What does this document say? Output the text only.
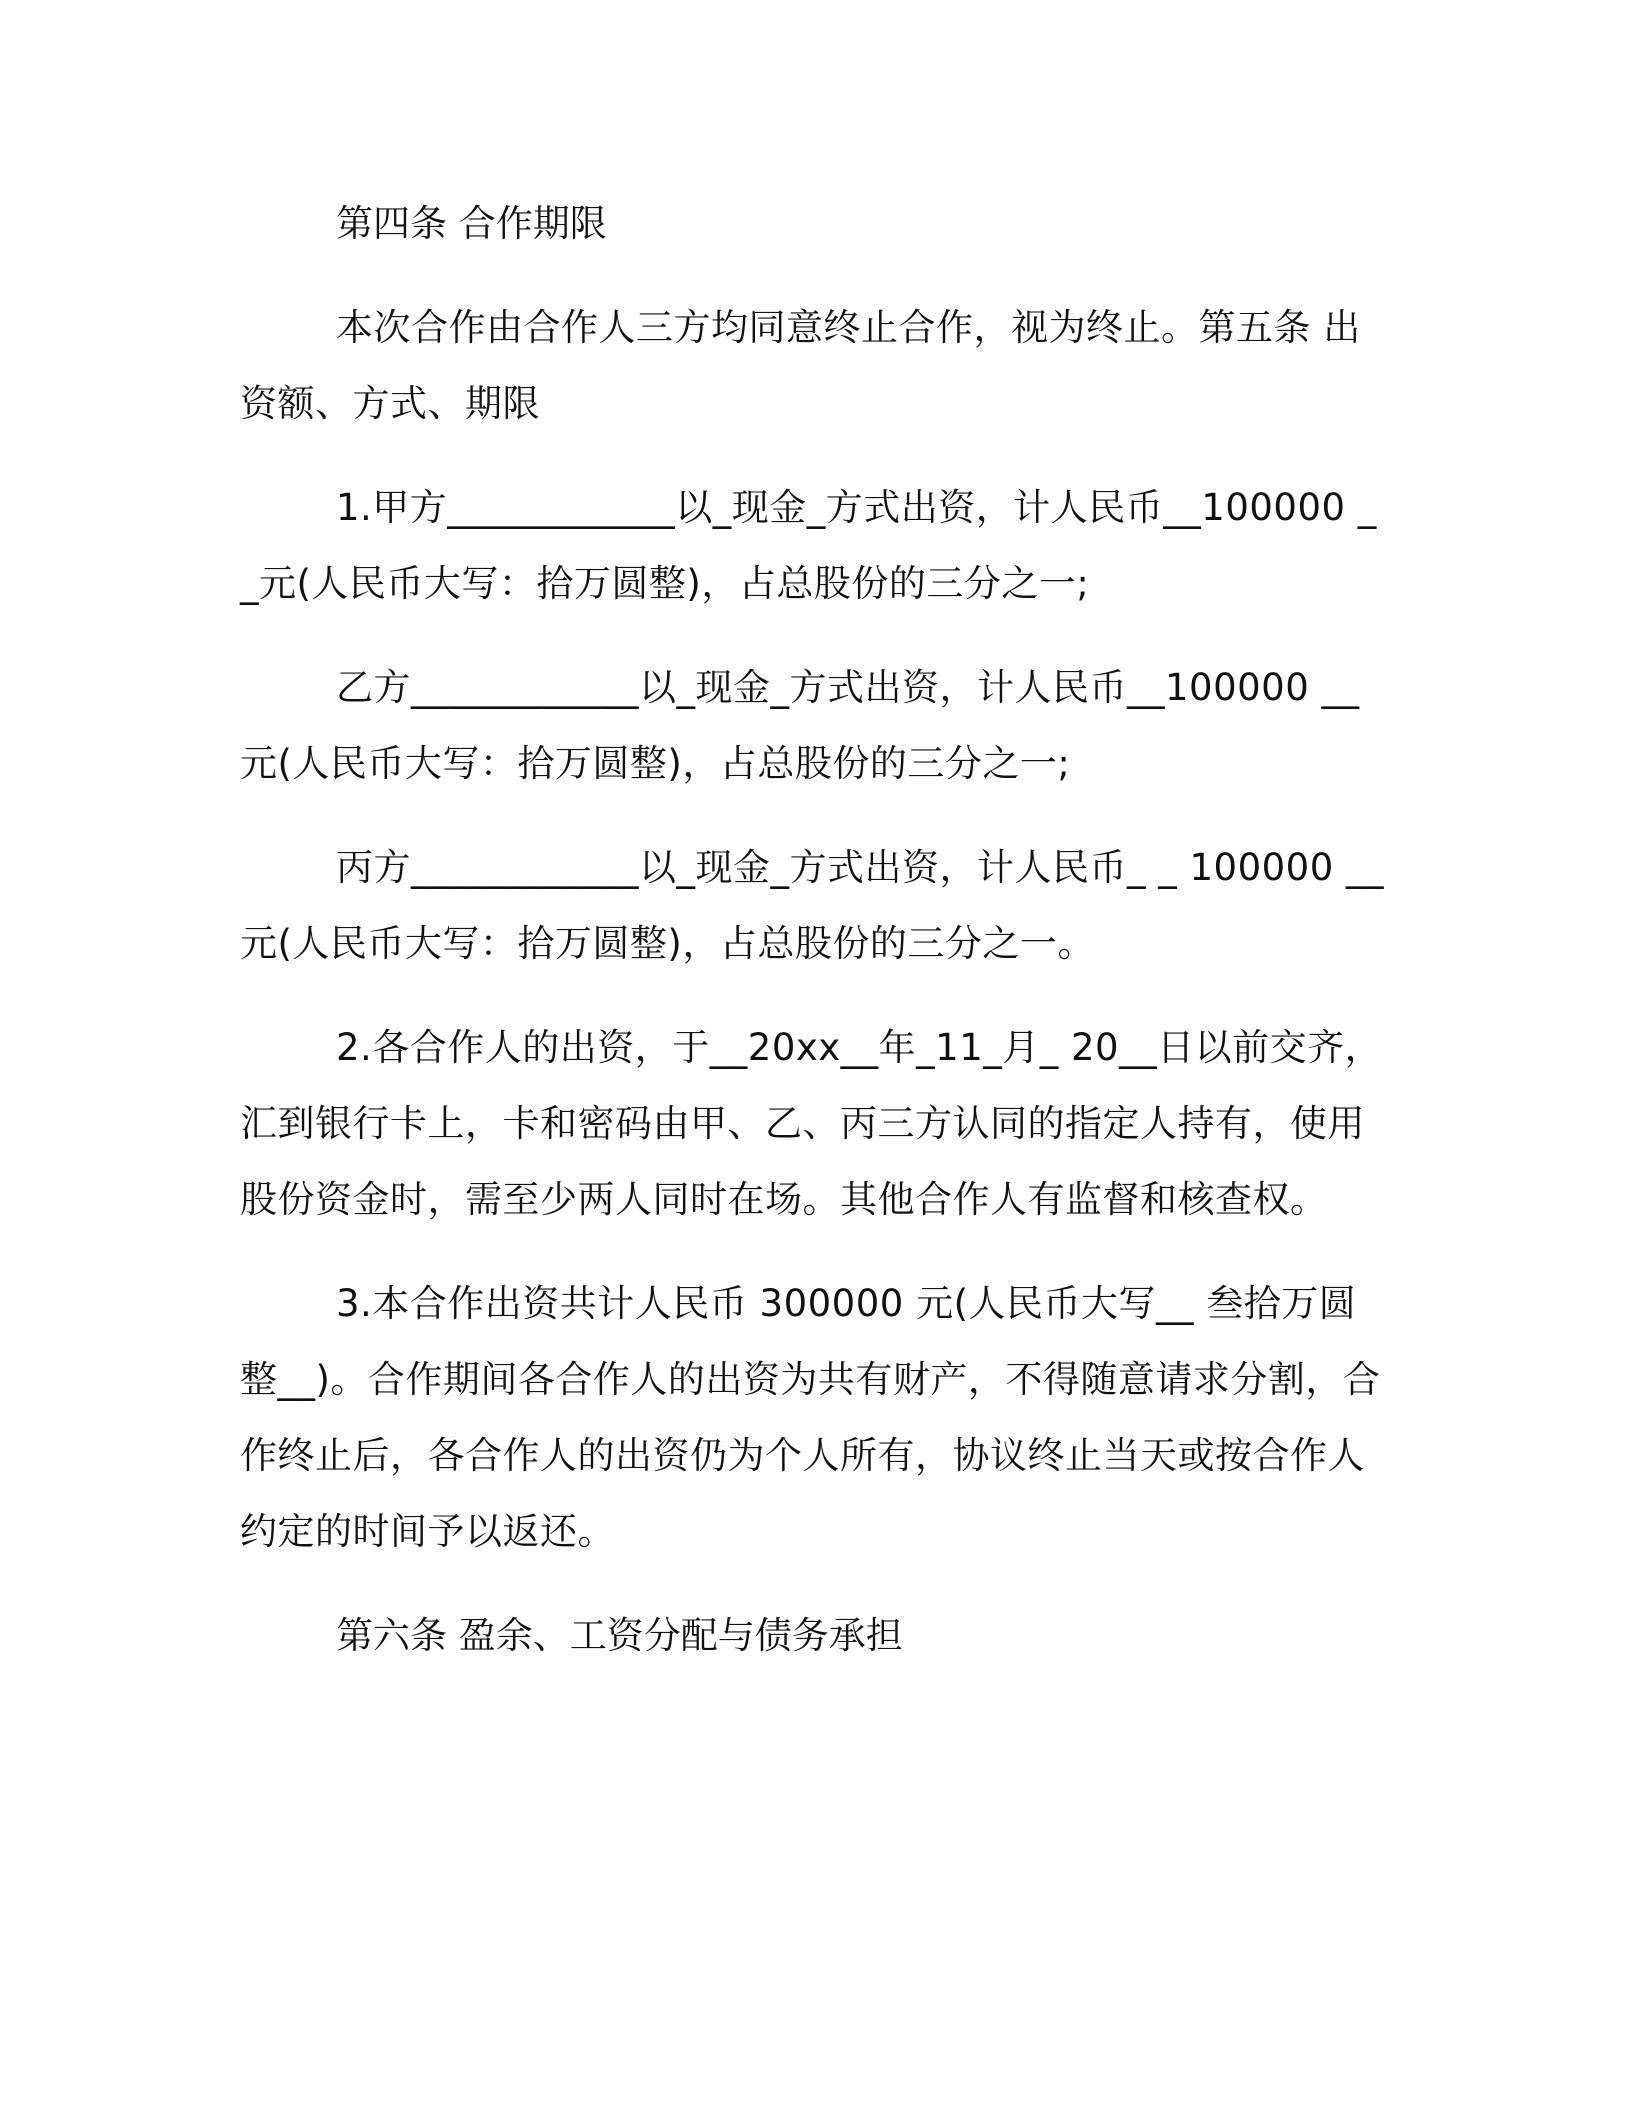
第四条 合作期限

本次合作由合作人三方均同意终止合作，视为终止。第五条 出资额、方式、期限

1.甲方____________以_现金_方式出资，计人民币__100000 __元(人民币大写：拾万圆整)，占总股份的三分之一;

乙方____________以_现金_方式出资，计人民币__100000 __元(人民币大写：拾万圆整)，占总股份的三分之一;

丙方____________以_现金_方式出资，计人民币_ _ 100000 __元(人民币大写：拾万圆整)，占总股份的三分之一。

2.各合作人的出资，于__20xx__年_11_月_ 20__日以前交齐，汇到银行卡上，卡和密码由甲、乙、丙三方认同的指定人持有，使用股份资金时，需至少两人同时在场。其他合作人有监督和核查权。

3.本合作出资共计人民币 300000 元(人民币大写__ 叁拾万圆整__)。合作期间各合作人的出资为共有财产，不得随意请求分割，合作终止后，各合作人的出资仍为个人所有，协议终止当天或按合作人约定的时间予以返还。

第六条 盈余、工资分配与债务承担
